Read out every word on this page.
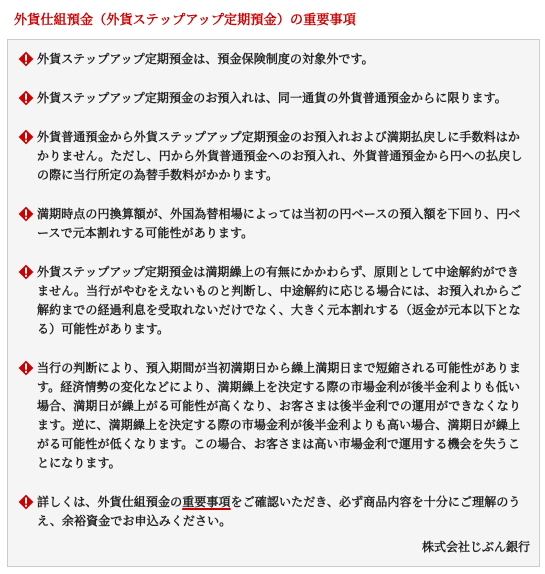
外貨仕組預金（外貨ステップアップ定期預金）の重要事項
外貨ステップアップ定期預金は、預金保険制度の対象外です。
外貨ステップアップ定期預金のお預入れは、同一通貨の外貨普通預金からに限ります。
外貨普通預金から外貨ステップアップ定期預金のお預入れおよび満期払戻しに手数料はかかりません。ただし、円から外貨普通預金へのお預入れ、外貨普通預金から円への払戻しの際に当行所定の為替手数料がかかります。
満期時点の円換算額が、外国為替相場によっては当初の円ベースの預入額を下回り、円ベースで元本割れする可能性があります。
外貨ステップアップ定期預金は満期繰上の有無にかかわらず、原則として中途解約ができません。当行がやむをえないものと判断し、中途解約に応じる場合には、お預入れからご解約までの経過利息を受取れないだけでなく、大きく元本割れする（返金が元本以下となる）可能性があります。
当行の判断により、預入期間が当初満期日から繰上満期日まで短縮される可能性があります。経済情勢の変化などにより、満期繰上を決定する際の市場金利が後半金利よりも低い場合、満期日が繰上がる可能性が高くなり、お客さまは後半金利での運用ができなくなります。逆に、満期繰上を決定する際の市場金利が後半金利よりも高い場合、満期日が繰上がる可能性が低くなります。この場合、お客さまは高い市場金利で運用する機会を失うことになります。
詳しくは、外貨仕組預金の重要事項をご確認いただき、必ず商品内容を十分にご理解のうえ、余裕資金でお申込みください。
株式会社じぶん銀行
